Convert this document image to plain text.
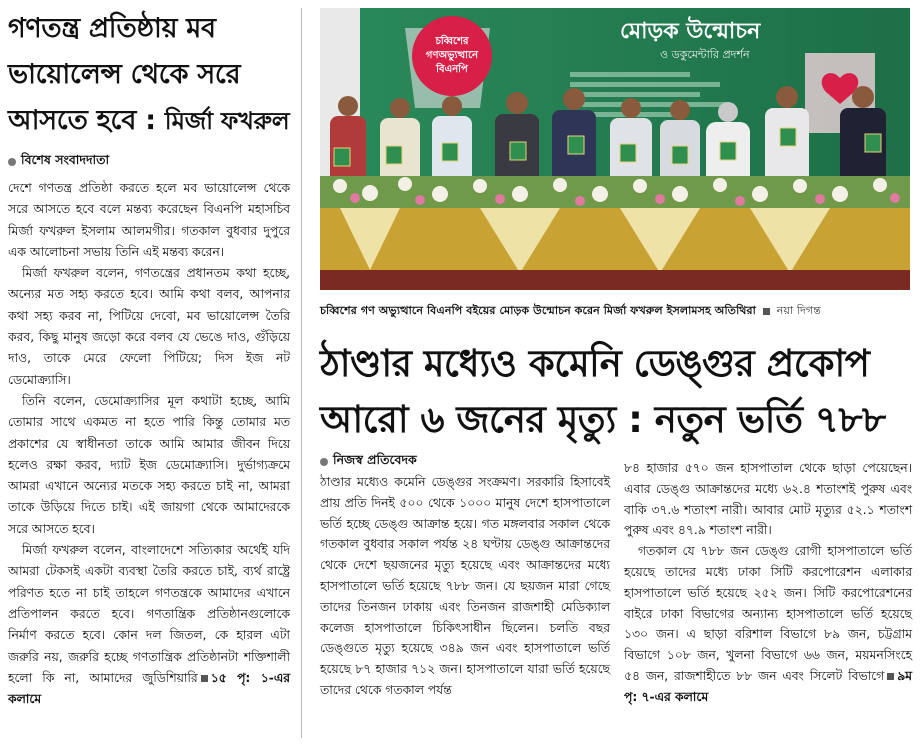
গণতন্ত্র প্রতিষ্ঠায় মব
ভায়োলেন্স থেকে সরে
আসতে হবে : মির্জা ফখরুল
বিশেষ সংবাদদাতা

দেশে গণতন্ত্র প্রতিষ্ঠা করতে হলে মব ভায়োলেন্স থেকে সরে আসতে হবে বলে মন্তব্য করেছেন বিএনপি মহাসচিব মির্জা ফখরুল ইসলাম আলমগীর। গতকাল বুধবার দুপুরে এক আলোচনা সভায় তিনি এই মন্তব্য করেন।

মির্জা ফখরুল বলেন, গণতন্ত্রের প্রধানতম কথা হচ্ছে, অন্যের মত সহ্য করতে হবে। আমি কথা বলব, আপনার কথা সহ্য করব না, পিটিয়ে দেবো, মব ভায়োলেন্স তৈরি করব, কিছু মানুষ জড়ো করে বলব যে ভেঙে দাও, গুঁড়িয়ে দাও, তাকে মেরে ফেলো পিটিয়ে; দিস ইজ নট ডেমোক্র্যাসি।

তিনি বলেন, ডেমোক্র্যাসির মূল কথাটা হচ্ছে, আমি তোমার সাথে একমত না হতে পারি কিন্তু তোমার মত প্রকাশের যে স্বাধীনতা তাকে আমি আমার জীবন দিয়ে হলেও রক্ষা করব, দ্যাট ইজ ডেমোক্র্যাসি। দুর্ভাগ্যক্রমে আমরা এখানে অন্যের মতকে সহ্য করতে চাই না, আমরা তাকে উড়িয়ে দিতে চাই। এই জায়গা থেকে আমাদেরকে সরে আসতে হবে।

মির্জা ফখরুল বলেন, বাংলাদেশে সত্যিকার অর্থেই যদি আমরা টেকসই একটা ব্যবস্থা তৈরি করতে চাই, ব্যর্থ রাষ্ট্রে পরিণত হতে না চাই তাহলে গণতন্ত্রকে আমাদের এখানে প্রতিপালন করতে হবে। গণতান্ত্রিক প্রতিষ্ঠানগুলোকে নির্মাণ করতে হবে। কোন দল জিতল, কে হারল এটা জরুরি নয়, জরুরি হচ্ছে গণতান্ত্রিক প্রতিষ্ঠানটা শক্তিশালী হলো কি না, আমাদের জুডিশিয়ারি ১৫ পৃ: ১-এর কলামে

চব্বিশের
গণঅভ্যুত্থানে
বিএনপি
মোড়ক উন্মোচন
ও ডকুমেন্টারি প্রদর্শন
চব্বিশের গণ অভ্যুত্থানে বিএনপি বইয়ের মোড়ক উন্মোচন করেন মির্জা ফখরুল ইসলামসহ অতিথিরা নয়া দিগন্ত
ঠাণ্ডার মধ্যেও কমেনি ডেঙ্গুর প্রকোপ
আরো ৬ জনের মৃত্যু : নতুন ভর্তি ৭৮৮
নিজস্ব প্রতিবেদক

ঠাণ্ডার মধ্যেও কমেনি ডেঙ্গুর সংক্রমণ। সরকারি হিসাবেই প্রায় প্রতি দিনই ৫০০ থেকে ১০০০ মানুষ দেশে হাসপাতালে ভর্তি হচ্ছে ডেঙ্গু আক্রান্ত হয়ে। গত মঙ্গলবার সকাল থেকে গতকাল বুধবার সকাল পর্যন্ত ২৪ ঘণ্টায় ডেঙ্গু আক্রান্তদের থেকে দেশে ছয়জনের মৃত্যু হয়েছে এবং আক্রান্তদের মধ্যে হাসপাতালে ভর্তি হয়েছে ৭৮৮ জন। যে ছয়জন মারা গেছে তাদের তিনজন ঢাকায় এবং তিনজন রাজশাহী মেডিক্যাল কলেজ হাসপাতালে চিকিৎসাধীন ছিলেন। চলতি বছর ডেঙ্গুতে মৃত্যু হয়েছে ৩৪৯ জন এবং হাসপাতালে ভর্তি হয়েছে ৮৭ হাজার ৭১২ জন। হাসপাতালে যারা ভর্তি হয়েছে তাদের থেকে গতকাল পর্যন্ত

৮৪ হাজার ৫৭০ জন হাসপাতাল থেকে ছাড়া পেয়েছেন। এবার ডেঙ্গু আক্রান্তদের মধ্যে ৬২.৪ শতাংশই পুরুষ এবং বাকি ৩৭.৬ শতাংশ নারী। আবার মোট মৃত্যুর ৫২.১ শতাংশ পুরুষ এবং ৪৭.৯ শতাংশ নারী।

গতকাল যে ৭৮৮ জন ডেঙ্গু রোগী হাসপাতালে ভর্তি হয়েছে তাদের মধ্যে ঢাকা সিটি করপোরেশন এলাকার হাসপাতালে ভর্তি হয়েছে ২৫২ জন। সিটি করপোরেশনের বাইরে ঢাকা বিভাগের অন্যান্য হাসপাতালে ভর্তি হয়েছে ১৩০ জন। এ ছাড়া বরিশাল বিভাগে ৮৯ জন, চট্টগ্রাম বিভাগে ১০৮ জন, খুলনা বিভাগে ৬৬ জন, ময়মনসিংহে ৫৪ জন, রাজশাহীতে ৮৮ জন এবং সিলেট বিভাগে ৯ম পৃ: ৭-এর কলামে
